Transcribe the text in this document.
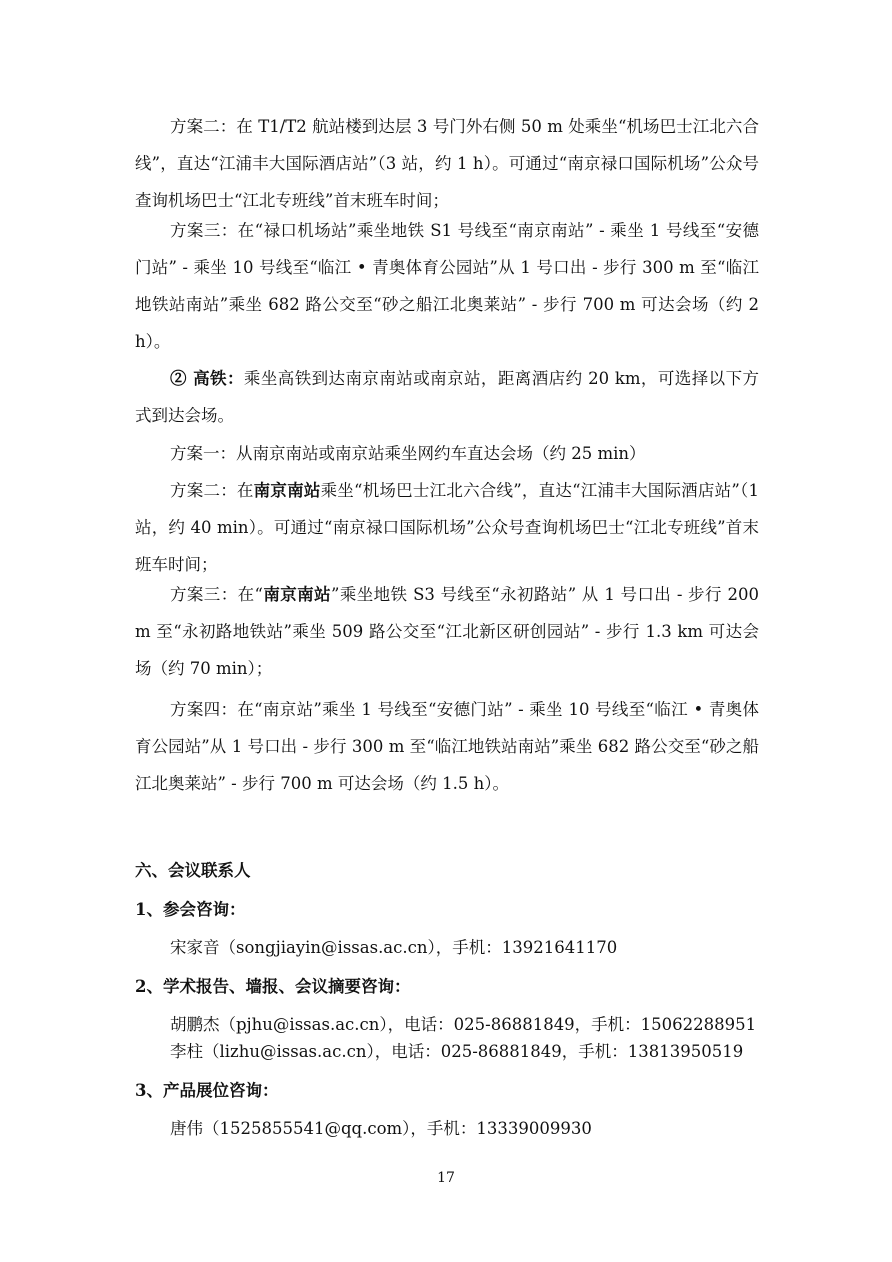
方案二：在 T1/T2 航站楼到达层 3 号门外右侧 50 m 处乘坐“机场巴士江北六合线”，直达“江浦丰大国际酒店站”（3 站，约 1 h）。可通过“南京禄口国际机场”公众号查询机场巴士“江北专班线”首末班车时间；

方案三：在“禄口机场站”乘坐地铁 S1 号线至“南京南站” - 乘坐 1 号线至“安德门站” - 乘坐 10 号线至“临江 • 青奥体育公园站”从 1 号口出 - 步行 300 m 至“临江地铁站南站”乘坐 682 路公交至“砂之船江北奥莱站” - 步行 700 m 可达会场（约 2 h）。

② 高铁：乘坐高铁到达南京南站或南京站，距离酒店约 20 km，可选择以下方式到达会场。

方案一：从南京南站或南京站乘坐网约车直达会场（约 25 min）

方案二：在南京南站乘坐“机场巴士江北六合线”，直达“江浦丰大国际酒店站”（1 站，约 40 min）。可通过“南京禄口国际机场”公众号查询机场巴士“江北专班线”首末班车时间；

方案三：在“南京南站”乘坐地铁 S3 号线至“永初路站” 从 1 号口出 - 步行 200 m 至“永初路地铁站”乘坐 509 路公交至“江北新区研创园站” - 步行 1.3 km 可达会场（约 70 min）；

方案四：在“南京站”乘坐 1 号线至“安德门站” - 乘坐 10 号线至“临江 • 青奥体育公园站”从 1 号口出 - 步行 300 m 至“临江地铁站南站”乘坐 682 路公交至“砂之船江北奥莱站” - 步行 700 m 可达会场（约 1.5 h）。

六、会议联系人

1、参会咨询：

宋家音（songjiayin@issas.ac.cn），手机：13921641170

2、学术报告、墙报、会议摘要咨询：

胡鹏杰（pjhu@issas.ac.cn），电话：025-86881849，手机：15062288951

李柱（lizhu@issas.ac.cn），电话：025-86881849，手机：13813950519

3、产品展位咨询：

唐伟（1525855541@qq.com），手机：13339009930

17
